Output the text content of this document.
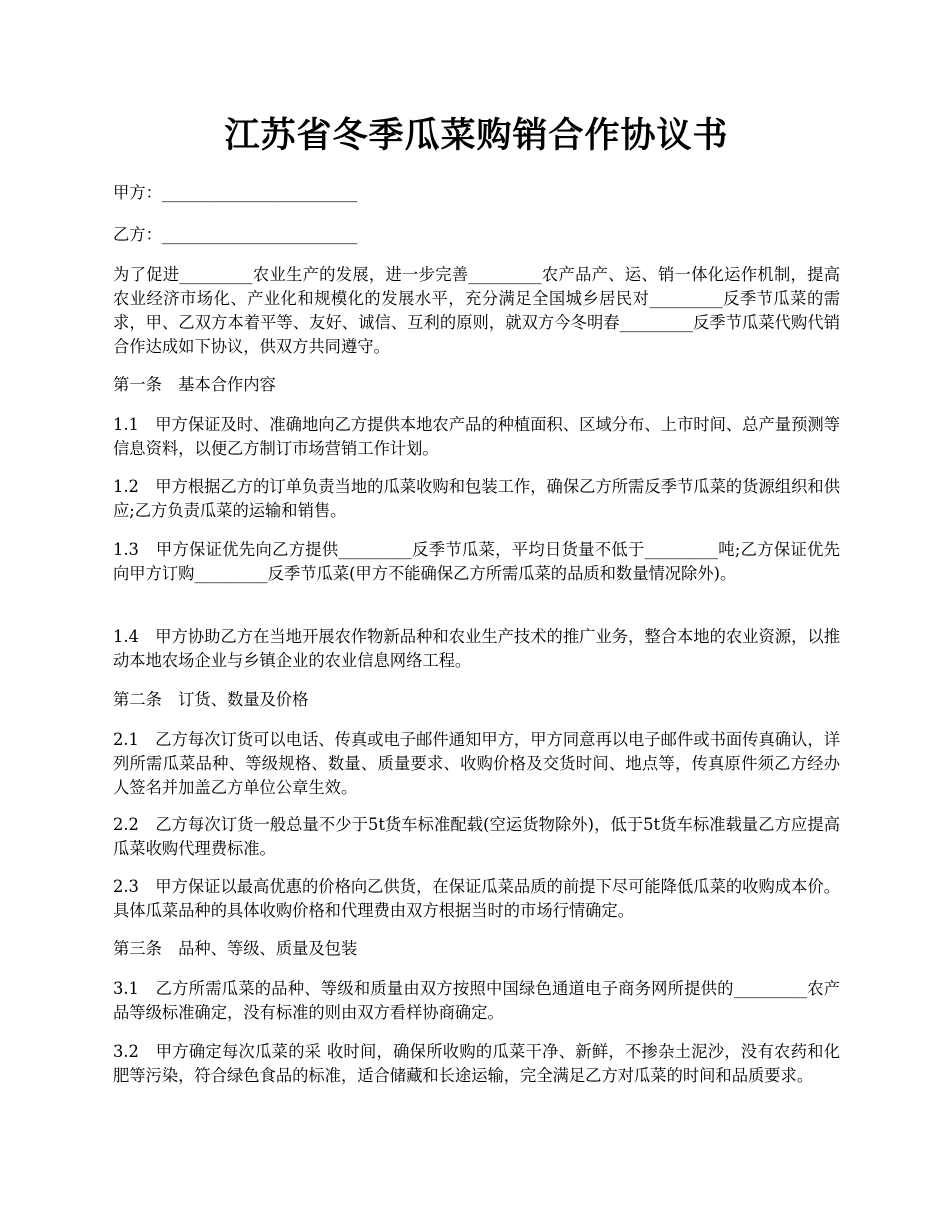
江苏省冬季瓜菜购销合作协议书
甲方：________________________
乙方：________________________
为了促进_________农业生产的发展，进一步完善_________农产品产、运、销一体化运作机制，提高农业经济市场化、产业化和规模化的发展水平，充分满足全国城乡居民对_________反季节瓜菜的需求，甲、乙双方本着平等、友好、诚信、互利的原则，就双方今冬明春_________反季节瓜菜代购代销合作达成如下协议，供双方共同遵守。
第一条　基本合作内容
1.1　甲方保证及时、准确地向乙方提供本地农产品的种植面积、区域分布、上市时间、总产量预测等信息资料，以便乙方制订市场营销工作计划。
1.2　甲方根据乙方的订单负责当地的瓜菜收购和包装工作，确保乙方所需反季节瓜菜的货源组织和供应;乙方负责瓜菜的运输和销售。
1.3　甲方保证优先向乙方提供_________反季节瓜菜，平均日货量不低于_________吨;乙方保证优先向甲方订购_________反季节瓜菜(甲方不能确保乙方所需瓜菜的品质和数量情况除外)。
1.4　甲方协助乙方在当地开展农作物新品种和农业生产技术的推广业务，整合本地的农业资源，以推动本地农场企业与乡镇企业的农业信息网络工程。
第二条　订货、数量及价格
2.1　乙方每次订货可以电话、传真或电子邮件通知甲方，甲方同意再以电子邮件或书面传真确认，详列所需瓜菜品种、等级规格、数量、质量要求、收购价格及交货时间、地点等，传真原件须乙方经办人签名并加盖乙方单位公章生效。
2.2　乙方每次订货一般总量不少于5t货车标准配载(空运货物除外)，低于5t货车标准载量乙方应提高瓜菜收购代理费标准。
2.3　甲方保证以最高优惠的价格向乙供货，在保证瓜菜品质的前提下尽可能降低瓜菜的收购成本价。具体瓜菜品种的具体收购价格和代理费由双方根据当时的市场行情确定。
第三条　品种、等级、质量及包装
3.1　乙方所需瓜菜的品种、等级和质量由双方按照中国绿色通道电子商务网所提供的_________农产品等级标准确定，没有标准的则由双方看样协商确定。
3.2　甲方确定每次瓜菜的采 收时间，确保所收购的瓜菜干净、新鲜，不掺杂土泥沙，没有农药和化肥等污染，符合绿色食品的标准，适合储藏和长途运输，完全满足乙方对瓜菜的时间和品质要求。
